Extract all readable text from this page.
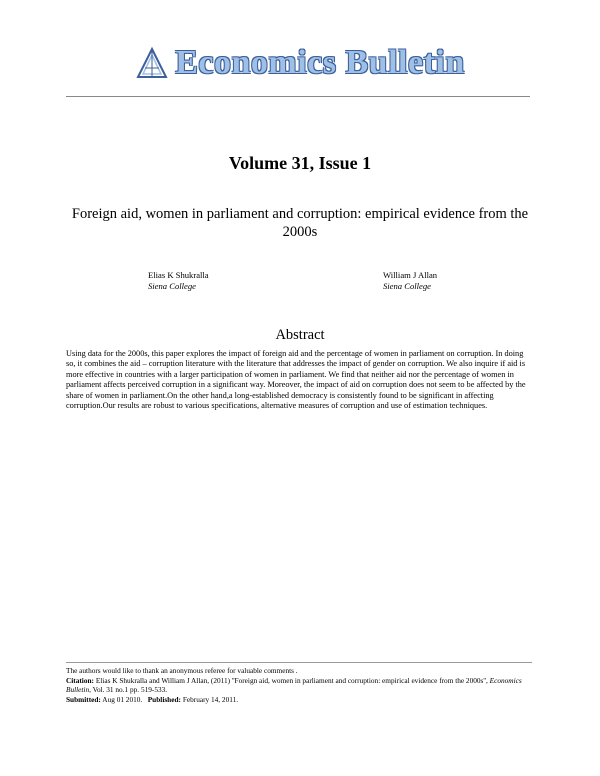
Economics Bulletin
Volume 31, Issue 1
Foreign aid, women in parliament and corruption: empirical evidence from the 2000s
Elias K Shukralla
Siena College
William J Allan
Siena College
Abstract
Using data for the 2000s, this paper explores the impact of foreign aid and the percentage of women in parliament on corruption. In doing so, it combines the aid – corruption literature with the literature that addresses the impact of gender on corruption. We also inquire if aid is more effective in countries with a larger participation of women in parliament. We find that neither aid nor the percentage of women in parliament affects perceived corruption in a significant way. Moreover, the impact of aid on corruption does not seem to be affected by the share of women in parliament.On the other hand,a long-established democracy is consistently found to be significant in affecting corruption.Our results are robust to various specifications, alternative measures of corruption and use of estimation techniques.

The authors would like to thank an anonymous referee for valuable comments .

Citation: Elias K Shukralla and William J Allan, (2011) ''Foreign aid, women in parliament and corruption: empirical evidence from the 2000s'', Economics Bulletin, Vol. 31 no.1 pp. 519-533.

Submitted: Aug 01 2010. Published: February 14, 2011.
